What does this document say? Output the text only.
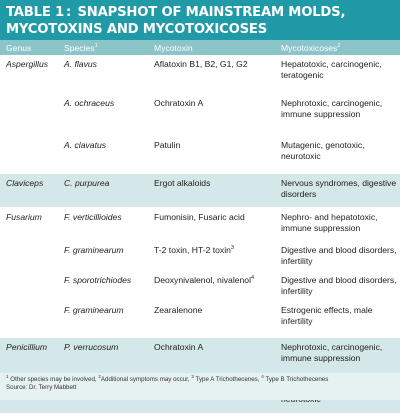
TABLE 1 : SNAPSHOT OF MAINSTREAM MOLDS, MYCOTOXINS AND MYCOTOXICOSES
Genus	Species$^1$	Mycotoxin	Mycotoxicoses$^2$

Aspergillus	A. flavus	Aflatoxin B1, B2, G1, G2	Hepatotoxic, carcinogenic, teratogenic

	A. ochraceus	Ochratoxin A	Nephrotoxic, carcinogenic, immune suppression

	A. clavatus	Patulin	Mutagenic, genotoxic, neurotoxic

Claviceps	C. purpurea	Ergot alkaloids	Nervous syndromes, digestive disorders

Fusarium	F. verticillioides	Fumonisin, Fusaric acid	Nephro- and hepatotoxic, immune suppression

	F. graminearum	T-2 toxin, HT-2 toxin$^3$	Digestive and blood disorders, infertility

	F. sporotrichiodes	Deoxynivalenol, nivalenol$^4$	Digestive and blood disorders, infertility

	F. graminearum	Zearalenone	Estrogenic effects, male infertility

Penicillium	P. verrucosum	Ochratoxin A	Nephrotoxic, carcinogenic, immune suppression

$^1$ Other species may be involved, $^2$Additional symptoms may occur, $^3$ Type A Trichothecenes, $^4$ Type B Trichothecenes
Source: Dr. Terry Mabbett
